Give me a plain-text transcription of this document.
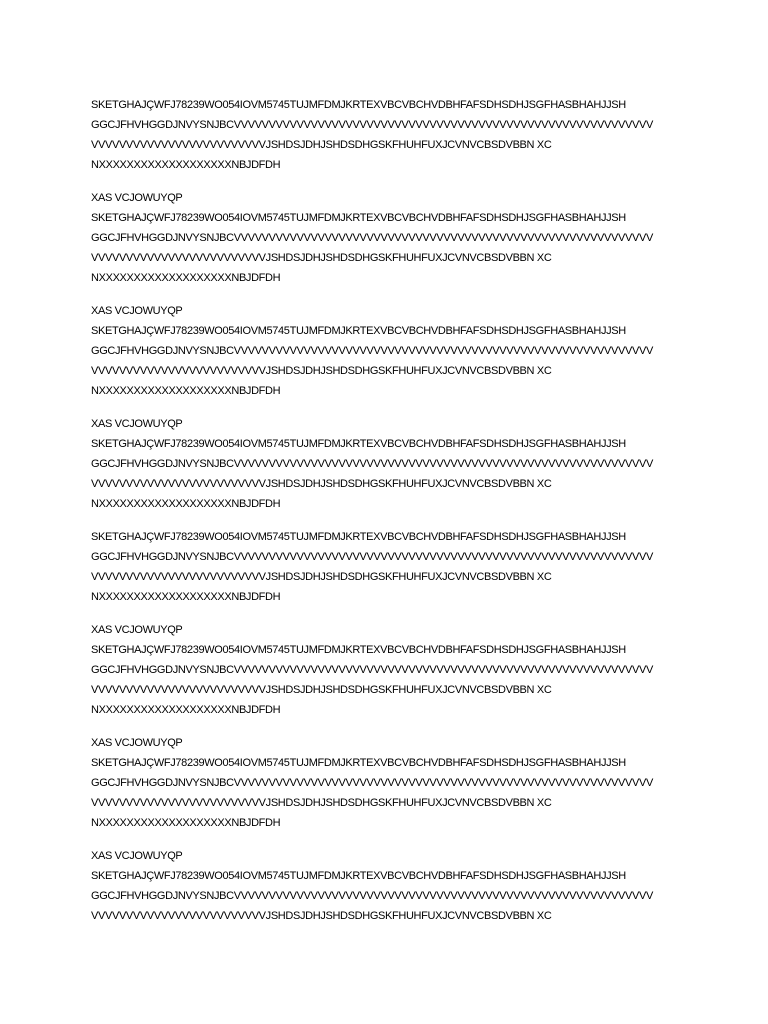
SKETGHAJÇWFJ78239WO054IOVM5745TUJMFDMJKRTEXVBCVBCHVDBHFAFSDHSDHJSGFHASBHAHJJSH
GGCJFHVHGGDJNVYSNJBCVVVVVVVVVVVVVVVVVVVVVVVVVVVVVVVVVVVVVVVVVVVVVVVVVVVVVVVVVVVV
VVVVVVVVVVVVVVVVVVVVVVVVVJSHDSJDHJSHDSDHGSKFHUHFUXJCVNVCBSDVBBN XC
NXXXXXXXXXXXXXXXXXXXNBJDFDH
XAS VCJOWUYQP
SKETGHAJÇWFJ78239WO054IOVM5745TUJMFDMJKRTEXVBCVBCHVDBHFAFSDHSDHJSGFHASBHAHJJSH
GGCJFHVHGGDJNVYSNJBCVVVVVVVVVVVVVVVVVVVVVVVVVVVVVVVVVVVVVVVVVVVVVVVVVVVVVVVVVVVV
VVVVVVVVVVVVVVVVVVVVVVVVVJSHDSJDHJSHDSDHGSKFHUHFUXJCVNVCBSDVBBN XC
NXXXXXXXXXXXXXXXXXXXNBJDFDH
XAS VCJOWUYQP
SKETGHAJÇWFJ78239WO054IOVM5745TUJMFDMJKRTEXVBCVBCHVDBHFAFSDHSDHJSGFHASBHAHJJSH
GGCJFHVHGGDJNVYSNJBCVVVVVVVVVVVVVVVVVVVVVVVVVVVVVVVVVVVVVVVVVVVVVVVVVVVVVVVVVVVV
VVVVVVVVVVVVVVVVVVVVVVVVVJSHDSJDHJSHDSDHGSKFHUHFUXJCVNVCBSDVBBN XC
NXXXXXXXXXXXXXXXXXXXNBJDFDH
XAS VCJOWUYQP
SKETGHAJÇWFJ78239WO054IOVM5745TUJMFDMJKRTEXVBCVBCHVDBHFAFSDHSDHJSGFHASBHAHJJSH
GGCJFHVHGGDJNVYSNJBCVVVVVVVVVVVVVVVVVVVVVVVVVVVVVVVVVVVVVVVVVVVVVVVVVVVVVVVVVVVV
VVVVVVVVVVVVVVVVVVVVVVVVVJSHDSJDHJSHDSDHGSKFHUHFUXJCVNVCBSDVBBN XC
NXXXXXXXXXXXXXXXXXXXNBJDFDH
SKETGHAJÇWFJ78239WO054IOVM5745TUJMFDMJKRTEXVBCVBCHVDBHFAFSDHSDHJSGFHASBHAHJJSH
GGCJFHVHGGDJNVYSNJBCVVVVVVVVVVVVVVVVVVVVVVVVVVVVVVVVVVVVVVVVVVVVVVVVVVVVVVVVVVVV
VVVVVVVVVVVVVVVVVVVVVVVVVJSHDSJDHJSHDSDHGSKFHUHFUXJCVNVCBSDVBBN XC
NXXXXXXXXXXXXXXXXXXXNBJDFDH
XAS VCJOWUYQP
SKETGHAJÇWFJ78239WO054IOVM5745TUJMFDMJKRTEXVBCVBCHVDBHFAFSDHSDHJSGFHASBHAHJJSH
GGCJFHVHGGDJNVYSNJBCVVVVVVVVVVVVVVVVVVVVVVVVVVVVVVVVVVVVVVVVVVVVVVVVVVVVVVVVVVVV
VVVVVVVVVVVVVVVVVVVVVVVVVJSHDSJDHJSHDSDHGSKFHUHFUXJCVNVCBSDVBBN XC
NXXXXXXXXXXXXXXXXXXXNBJDFDH
XAS VCJOWUYQP
SKETGHAJÇWFJ78239WO054IOVM5745TUJMFDMJKRTEXVBCVBCHVDBHFAFSDHSDHJSGFHASBHAHJJSH
GGCJFHVHGGDJNVYSNJBCVVVVVVVVVVVVVVVVVVVVVVVVVVVVVVVVVVVVVVVVVVVVVVVVVVVVVVVVVVVV
VVVVVVVVVVVVVVVVVVVVVVVVVJSHDSJDHJSHDSDHGSKFHUHFUXJCVNVCBSDVBBN XC
NXXXXXXXXXXXXXXXXXXXNBJDFDH
XAS VCJOWUYQP
SKETGHAJÇWFJ78239WO054IOVM5745TUJMFDMJKRTEXVBCVBCHVDBHFAFSDHSDHJSGFHASBHAHJJSH
GGCJFHVHGGDJNVYSNJBCVVVVVVVVVVVVVVVVVVVVVVVVVVVVVVVVVVVVVVVVVVVVVVVVVVVVVVVVVVVV
VVVVVVVVVVVVVVVVVVVVVVVVVJSHDSJDHJSHDSDHGSKFHUHFUXJCVNVCBSDVBBN XC
